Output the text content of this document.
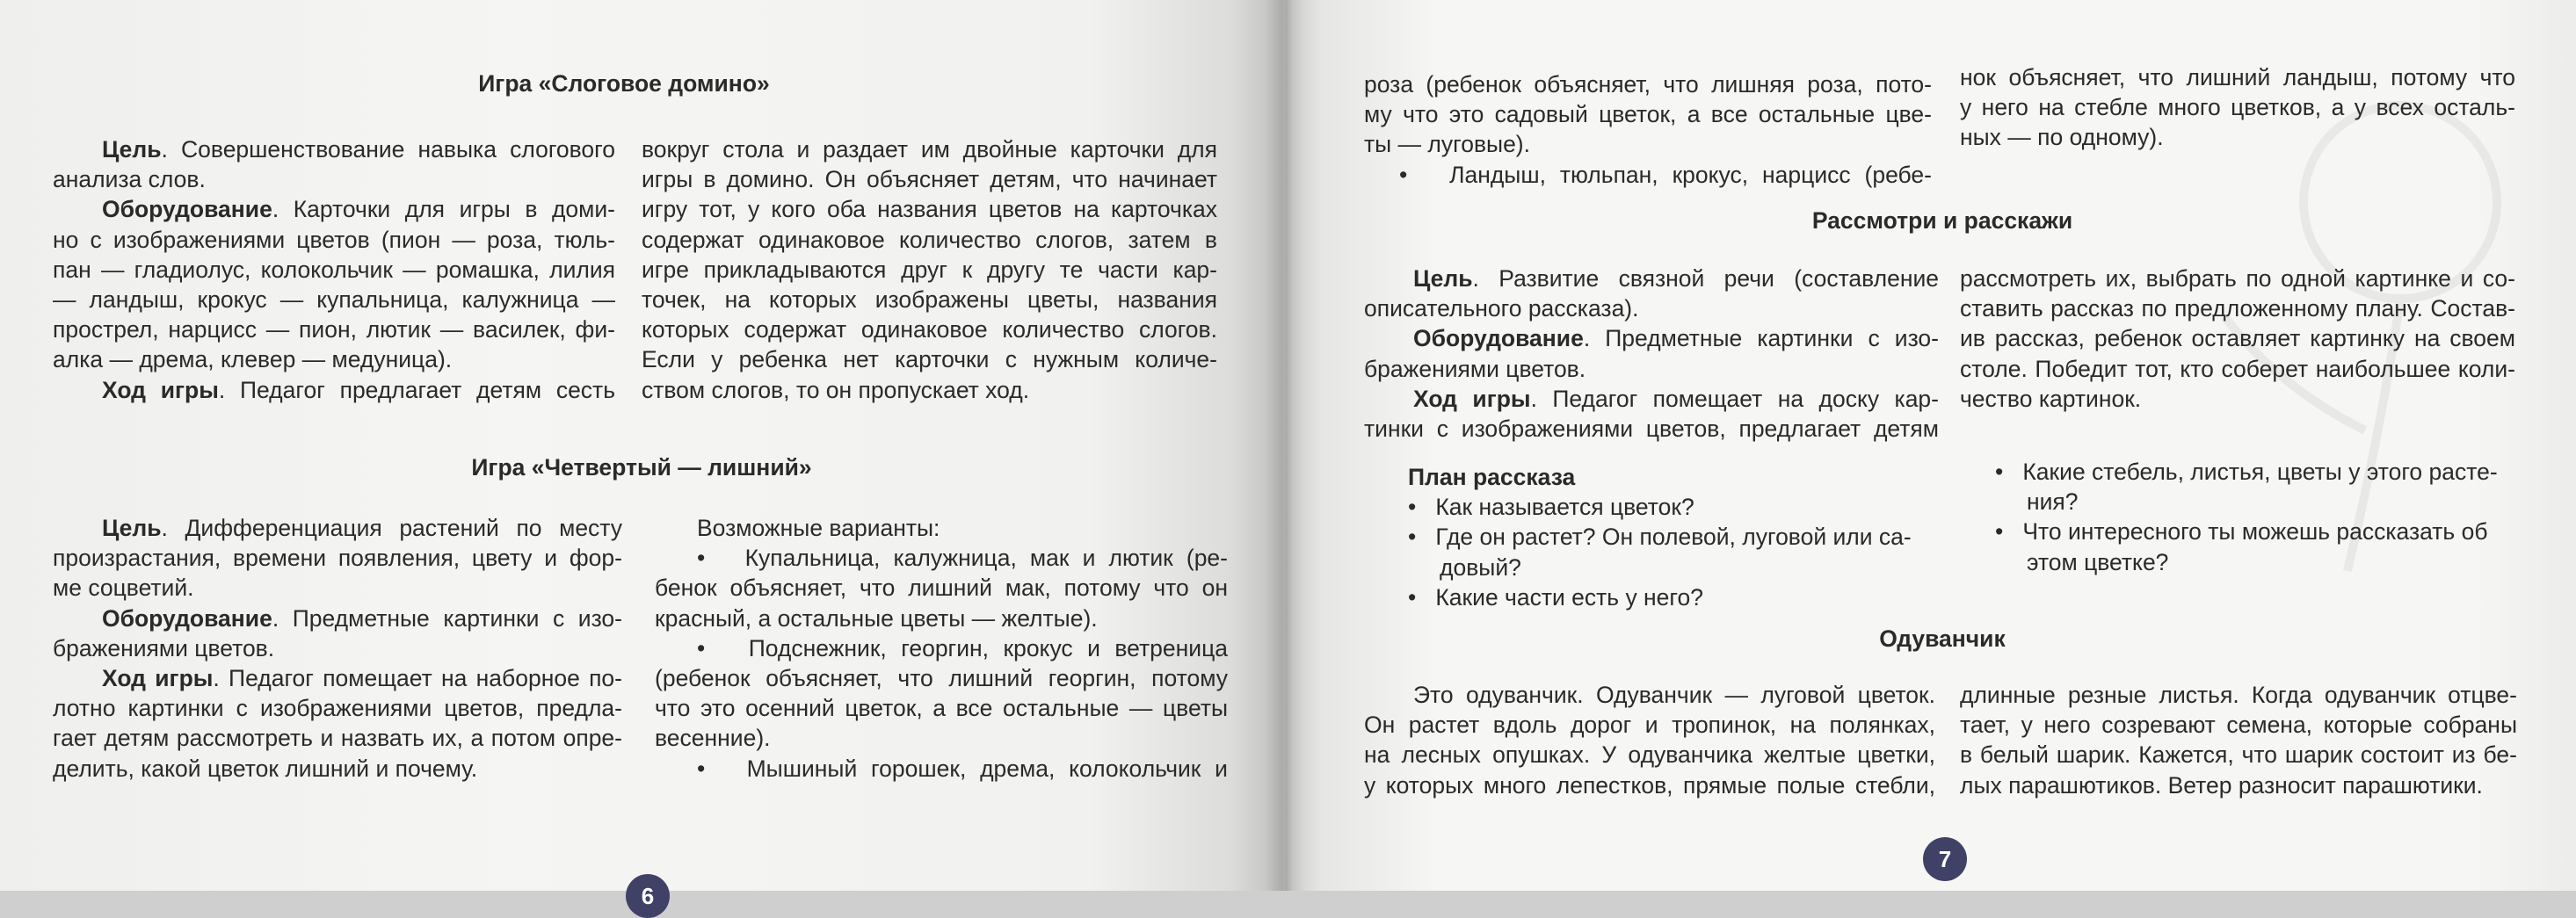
Игра «Слоговое домино»
Цель. Совершенствование навыка слогового
анализа слов.
Оборудование. Карточки для игры в доми-
но с изображениями цветов (пион — роза, тюль-
пан — гладиолус, колокольчик — ромашка, лилия
— ландыш, крокус — купальница, калужница —
прострел, нарцисс — пион, лютик — василек, фи-
алка — дрема, клевер — медуница).
Ход игры. Педагог предлагает детям сесть
вокруг стола и раздает им двойные карточки для
игры в домино. Он объясняет детям, что начинает
игру тот, у кого оба названия цветов на карточках
содержат одинаковое количество слогов, затем в
игре прикладываются друг к другу те части кар-
точек, на которых изображены цветы, названия
которых содержат одинаковое количество слогов.
Если у ребенка нет карточки с нужным количе-
ством слогов, то он пропускает ход.
Игра «Четвертый — лишний»
Цель. Дифференциация растений по месту
произрастания, времени появления, цвету и фор-
ме соцветий.
Оборудование. Предметные картинки с изо-
бражениями цветов.
Ход игры. Педагог помещает на наборное по-
лотно картинки с изображениями цветов, предла-
гает детям рассмотреть и назвать их, а потом опре-
делить, какой цветок лишний и почему.
Возможные варианты:
• Купальница, калужница, мак и лютик (ре-
бенок объясняет, что лишний мак, потому что он
красный, а остальные цветы — желтые).
• Подснежник, георгин, крокус и ветреница
(ребенок объясняет, что лишний георгин, потому
что это осенний цветок, а все остальные — цветы
весенние).
• Мышиный горошек, дрема, колокольчик и
6
роза (ребенок объясняет, что лишняя роза, пото-
му что это садовый цветок, а все остальные цве-
ты — луговые).
• Ландыш, тюльпан, крокус, нарцисс (ребе-
нок объясняет, что лишний ландыш, потому что
у него на стебле много цветков, а у всех осталь-
ных — по одному).
Рассмотри и расскажи
Цель. Развитие связной речи (составление
описательного рассказа).
Оборудование. Предметные картинки с изо-
бражениями цветов.
Ход игры. Педагог помещает на доску кар-
тинки с изображениями цветов, предлагает детям
рассмотреть их, выбрать по одной картинке и со-
ставить рассказ по предложенному плану. Состав-
ив рассказ, ребенок оставляет картинку на своем
столе. Победит тот, кто соберет наибольшее коли-
чество картинок.
План рассказа
• Как называется цветок?
• Где он растет? Он полевой, луговой или са-
довый?
• Какие части есть у него?
• Какие стебель, листья, цветы у этого расте-
ния?
• Что интересного ты можешь рассказать об
этом цветке?
Одуванчик
Это одуванчик. Одуванчик — луговой цветок.
Он растет вдоль дорог и тропинок, на полянках,
на лесных опушках. У одуванчика желтые цветки,
у которых много лепестков, прямые полые стебли,
длинные резные листья. Когда одуванчик отцве-
тает, у него созревают семена, которые собраны
в белый шарик. Кажется, что шарик состоит из бе-
лых парашютиков. Ветер разносит парашютики.
7
